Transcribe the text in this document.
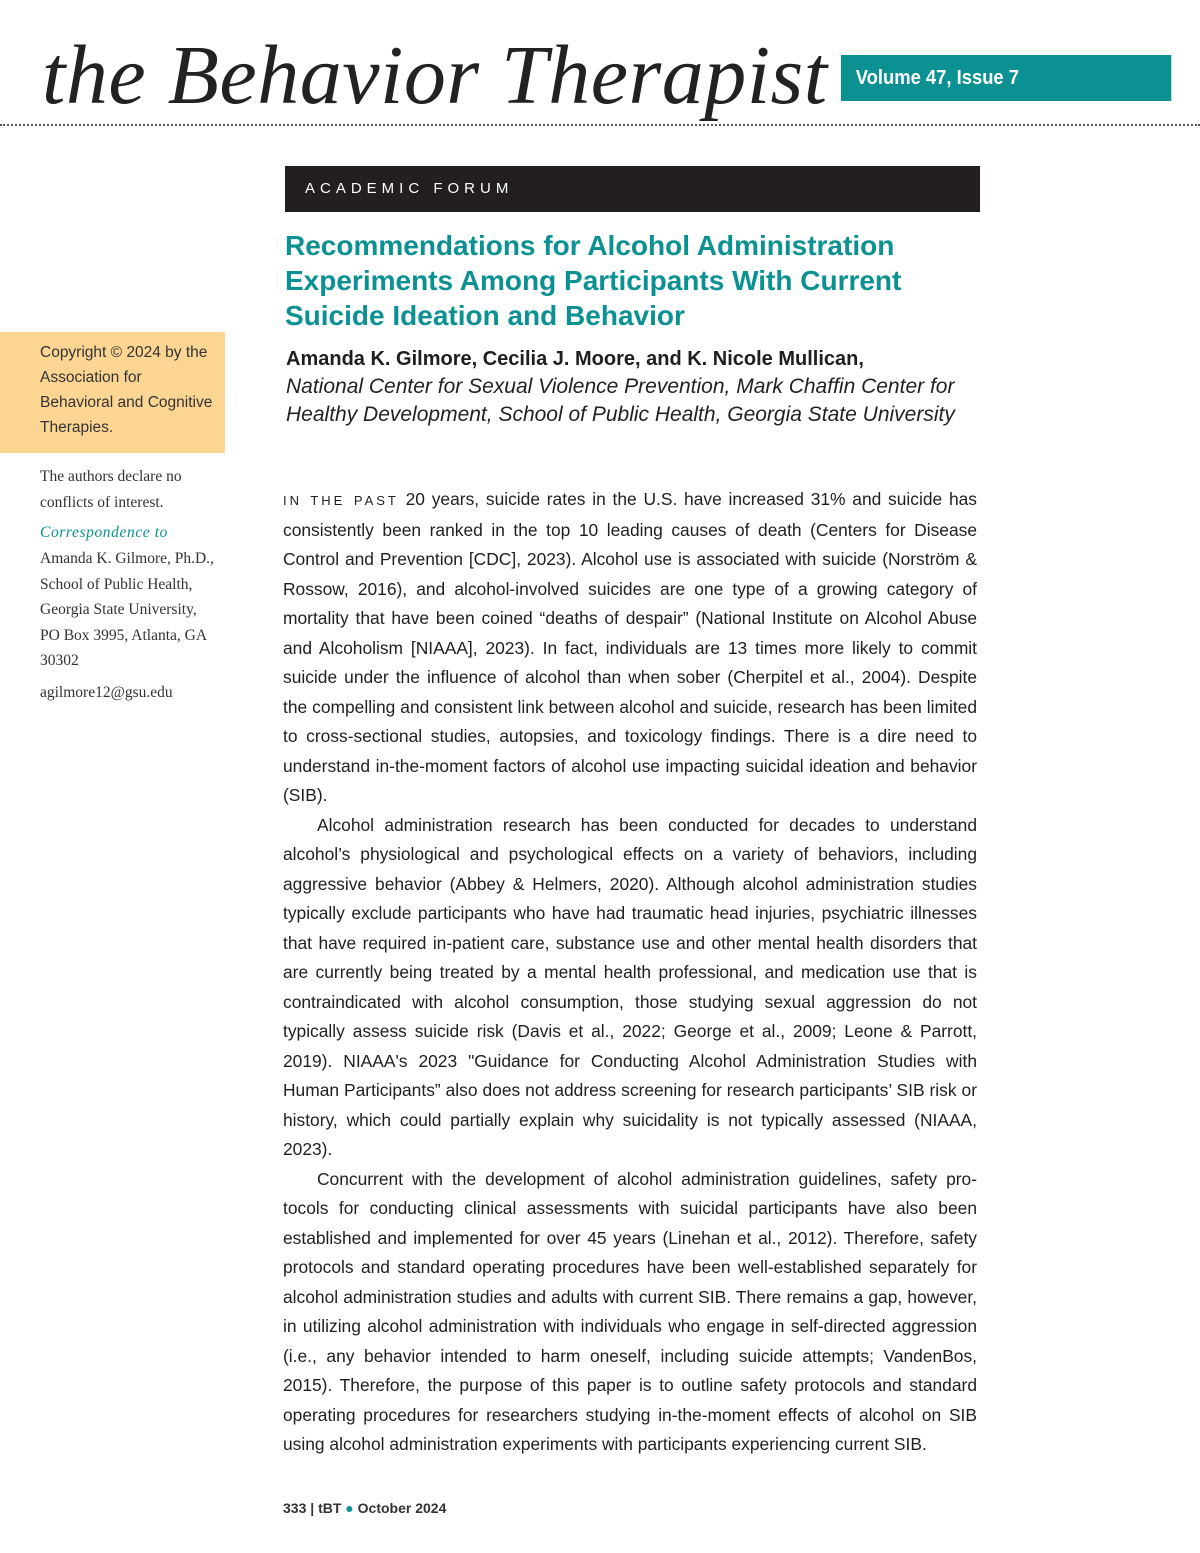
the Behavior Therapist	Volume 47, Issue 7
ACADEMIC FORUM
Recommendations for Alcohol Administration Experiments Among Participants With Current Suicide Ideation and Behavior
Amanda K. Gilmore, Cecilia J. Moore, and K. Nicole Mullican,
National Center for Sexual Violence Prevention, Mark Chaffin Center for Healthy Development, School of Public Health, Georgia State University
Copyright © 2024 by the Association for Behavioral and Cognitive Therapies.
The authors declare no conflicts of interest.
Correspondence to
Amanda K. Gilmore, Ph.D., School of Public Health, Georgia State University, PO Box 3995, Atlanta, GA 30302
agilmore12@gsu.edu

IN THE PAST 20 years, suicide rates in the U.S. have increased 31% and suicide has consistently been ranked in the top 10 leading causes of death (Centers for Disease Control and Prevention [CDC], 2023). Alcohol use is associated with suicide (Norström & Rossow, 2016), and alcohol-involved suicides are one type of a growing category of mortality that have been coined “deaths of despair” (National Institute on Alcohol Abuse and Alcoholism [NIAAA], 2023). In fact, individuals are 13 times more likely to commit suicide under the influence of alcohol than when sober (Cherpitel et al., 2004). Despite the compelling and consistent link between alcohol and suicide, research has been limited to cross-sectional studies, autopsies, and toxicology findings. There is a dire need to understand in-the-moment factors of alcohol use impacting suicidal ideation and behavior (SIB).

Alcohol administration research has been conducted for decades to understand alcohol’s physiological and psychological effects on a variety of behaviors, including aggressive behavior (Abbey & Helmers, 2020). Although alcohol administration studies typically exclude participants who have had traumatic head injuries, psychiatric illnesses that have required in-patient care, substance use and other mental health disorders that are currently being treated by a mental health professional, and medication use that is contraindicated with alcohol consumption, those studying sexual aggression do not typically assess suicide risk (Davis et al., 2022; George et al., 2009; Leone & Parrott, 2019). NIAAA's 2023 "Guidance for Conducting Alcohol Administration Studies with Human Participants” also does not address screening for research participants’ SIB risk or history, which could partially explain why suicidality is not typically assessed (NIAAA, 2023).

Concurrent with the development of alcohol administration guidelines, safety protocols for conducting clinical assessments with suicidal participants have also been established and implemented for over 45 years (Linehan et al., 2012). Therefore, safety protocols and standard operating procedures have been well-established separately for alcohol administration studies and adults with current SIB. There remains a gap, however, in utilizing alcohol administration with individuals who engage in self-directed aggression (i.e., any behavior intended to harm oneself, including suicide attempts; VandenBos, 2015). Therefore, the purpose of this paper is to outline safety protocols and standard operating procedures for researchers studying in-the-moment effects of alcohol on SIB using alcohol administration experiments with participants experiencing current SIB.

333 | tBT ● October 2024
